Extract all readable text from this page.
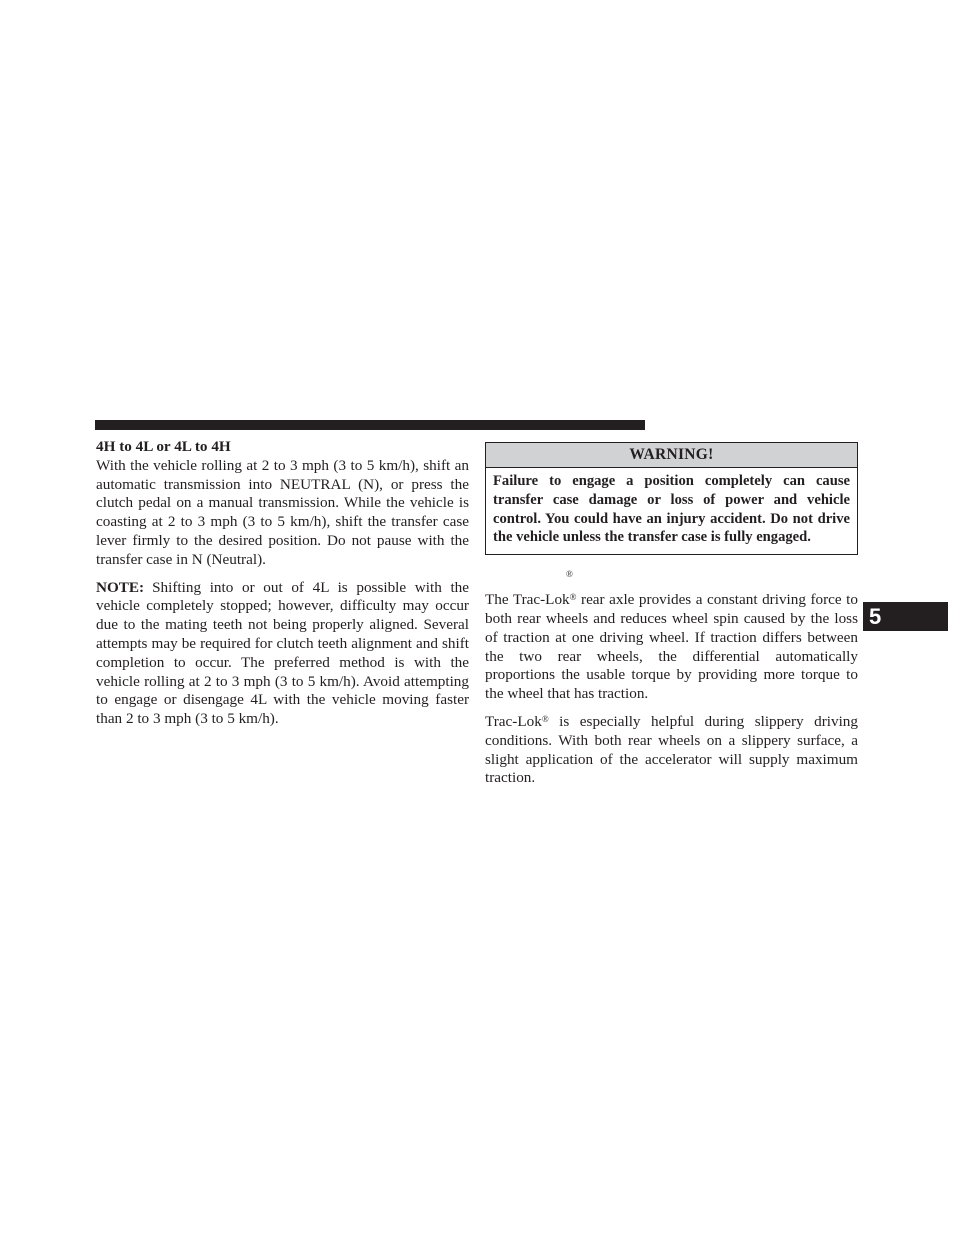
4H to 4L or 4L to 4H

With the vehicle rolling at 2 to 3 mph (3 to 5 km/h), shift an automatic transmission into NEUTRAL (N), or press the clutch pedal on a manual transmission. While the vehicle is coasting at 2 to 3 mph (3 to 5 km/h), shift the transfer case lever firmly to the desired position. Do not pause with the transfer case in N (Neutral).

NOTE: Shifting into or out of 4L is possible with the vehicle completely stopped; however, difficulty may occur due to the mating teeth not being properly aligned. Several attempts may be required for clutch teeth alignment and shift completion to occur. The preferred method is with the vehicle rolling at 2 to 3 mph (3 to 5 km/h). Avoid attempting to engage or disengage 4L with the vehicle moving faster than 2 to 3 mph (3 to 5 km/h).

WARNING!
Failure to engage a position completely can cause transfer case damage or loss of power and vehicle control. You could have an injury accident. Do not drive the vehicle unless the transfer case is fully engaged.
®

The Trac-Lok® rear axle provides a constant driving force to both rear wheels and reduces wheel spin caused by the loss of traction at one driving wheel. If traction differs between the two rear wheels, the differential automatically proportions the usable torque by providing more torque to the wheel that has traction.

Trac-Lok® is especially helpful during slippery driving conditions. With both rear wheels on a slippery surface, a slight application of the accelerator will supply maximum traction.

5
